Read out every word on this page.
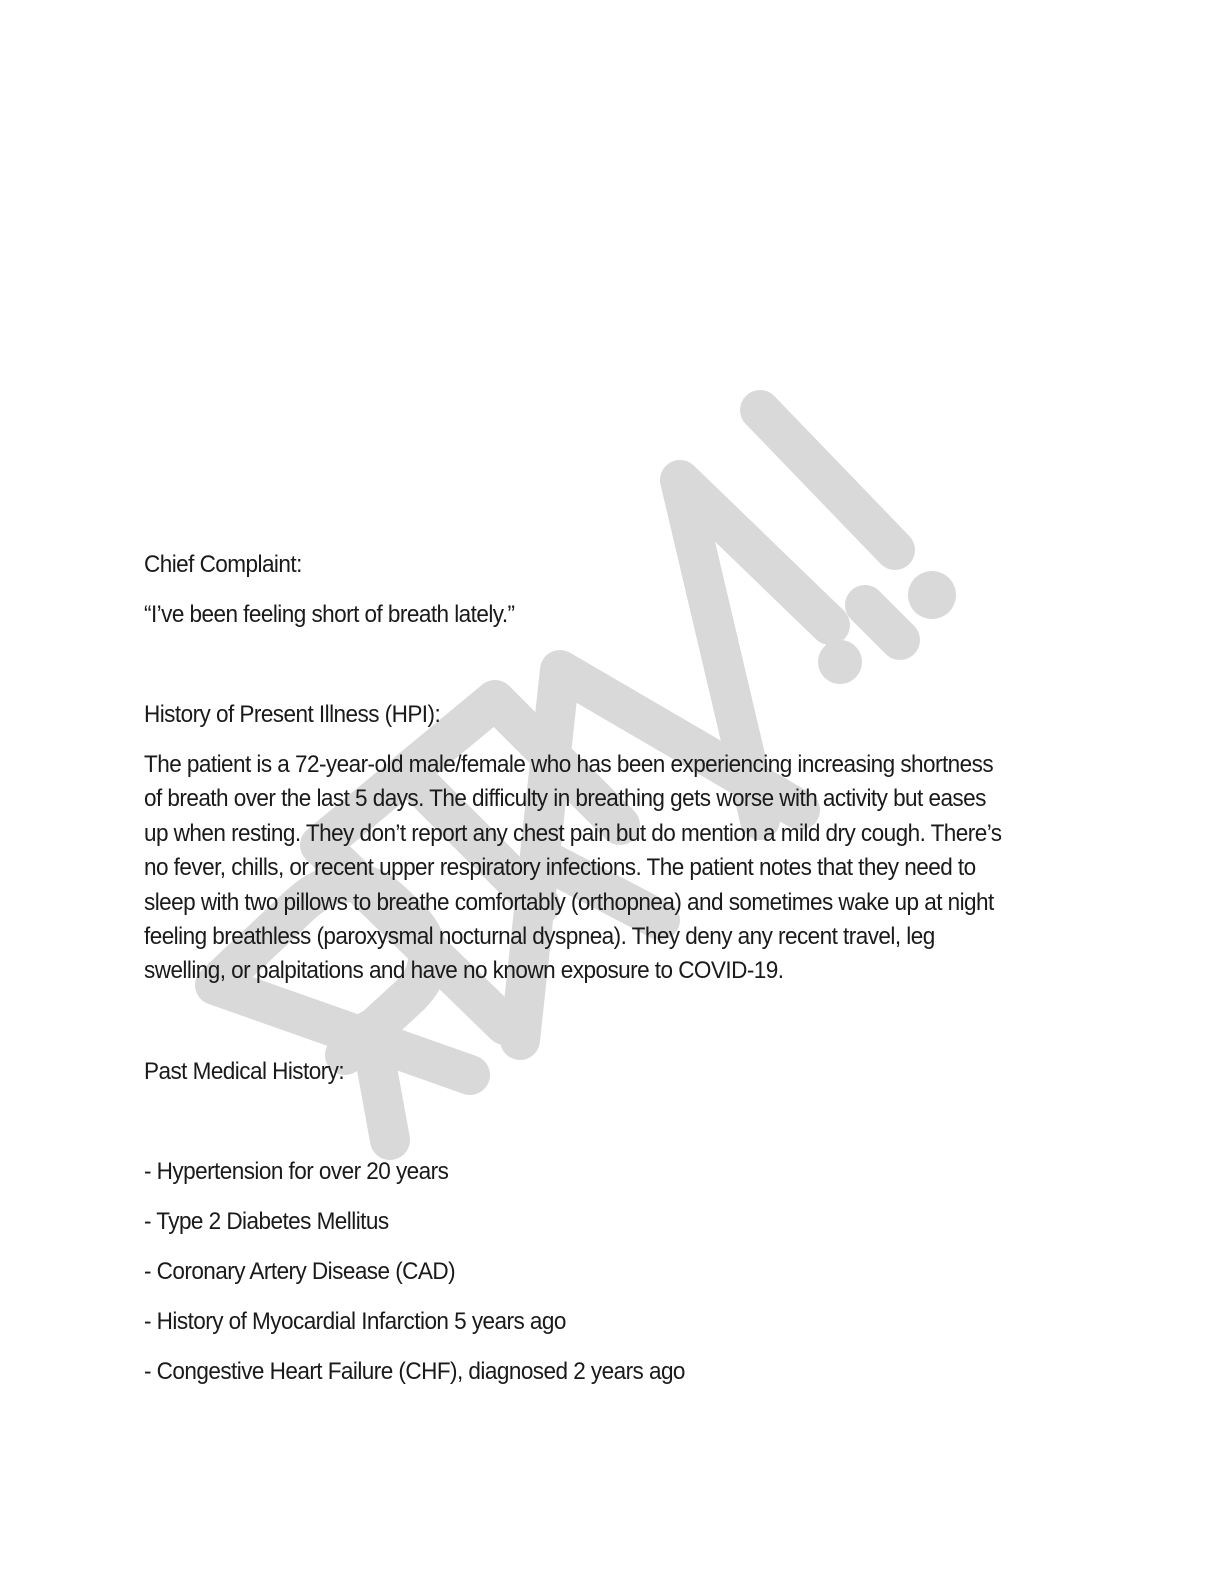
Chief Complaint:
“I’ve been feeling short of breath lately.”
History of Present Illness (HPI):
The patient is a 72-year-old male/female who has been experiencing increasing shortness
of breath over the last 5 days. The difficulty in breathing gets worse with activity but eases
up when resting. They don’t report any chest pain but do mention a mild dry cough. There’s
no fever, chills, or recent upper respiratory infections. The patient notes that they need to
sleep with two pillows to breathe comfortably (orthopnea) and sometimes wake up at night
feeling breathless (paroxysmal nocturnal dyspnea). They deny any recent travel, leg
swelling, or palpitations and have no known exposure to COVID-19.
Past Medical History:
- Hypertension for over 20 years
- Type 2 Diabetes Mellitus
- Coronary Artery Disease (CAD)
- History of Myocardial Infarction 5 years ago
- Congestive Heart Failure (CHF), diagnosed 2 years ago
